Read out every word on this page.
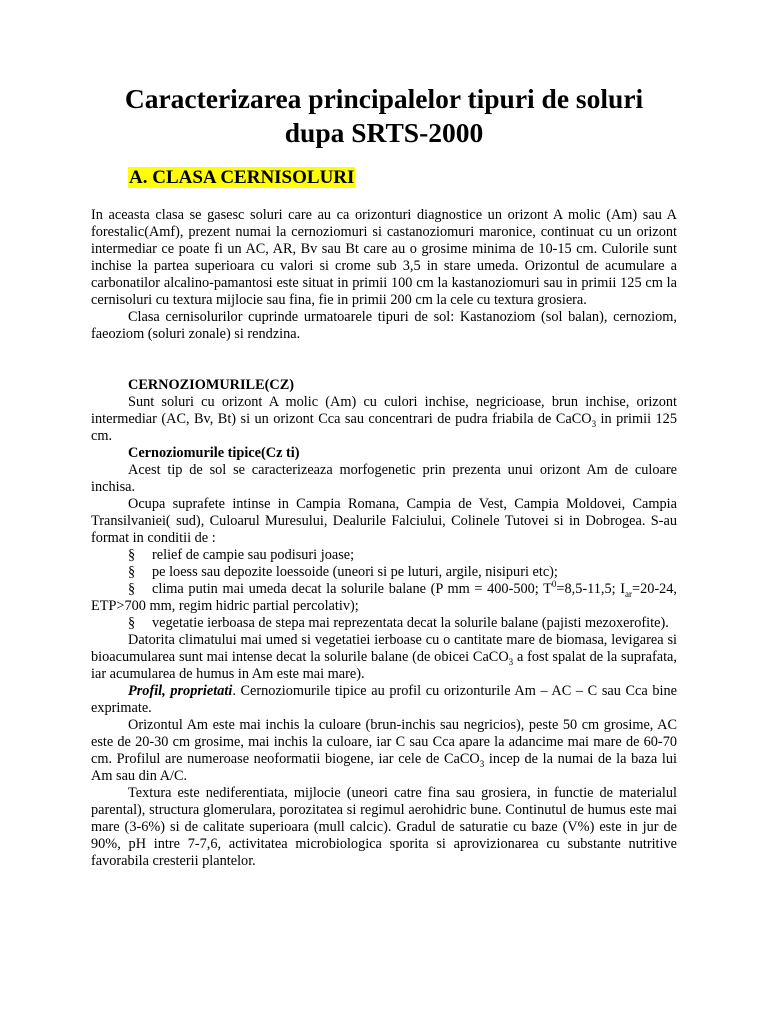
Caracterizarea principalelor tipuri de soluri dupa SRTS-2000
A. CLASA CERNISOLURI

In aceasta clasa se gasesc soluri care au ca orizonturi diagnostice un orizont A molic (Am) sau A forestalic(Amf), prezent numai la cernoziomuri si castanoziomuri maronice, continuat cu un orizont intermediar ce poate fi un AC, AR, Bv sau Bt care au o grosime minima de 10-15 cm. Culorile sunt inchise la partea superioara cu valori si crome sub 3,5 in stare umeda. Orizontul de acumulare a carbonatilor alcalino-pamantosi este situat in primii 100 cm la kastanoziomuri sau in primii 125 cm la cernisoluri cu textura mijlocie sau fina, fie in primii 200 cm la cele cu textura grosiera.

Clasa cernisolurilor cuprinde urmatoarele tipuri de sol: Kastanoziom (sol balan), cernoziom, faeoziom (soluri zonale) si rendzina.

CERNOZIOMURILE(CZ)

Sunt soluri cu orizont A molic (Am) cu culori inchise, negricioase, brun inchise, orizont intermediar (AC, Bv, Bt) si un orizont Cca sau concentrari de pudra friabila de CaCO$_3$ in primii 125 cm.

Cernoziomurile tipice(Cz ti)

Acest tip de sol se caracterizeaza morfogenetic prin prezenta unui orizont Am de culoare inchisa.

Ocupa suprafete intinse in Campia Romana, Campia de Vest, Campia Moldovei, Campia Transilvaniei( sud), Culoarul Muresului, Dealurile Falciului, Colinele Tutovei si in Dobrogea. S-au format in conditii de :

§	relief de campie sau podisuri joase;
§	pe loess sau depozite loessoide (uneori si pe luturi, argile, nisipuri etc);

§ clima putin mai umeda decat la solurile balane (P mm = 400-500; $T^0=8,5-11,5$; $I_{ar}=20-24$, ETP>700 mm, regim hidric partial percolativ);

§ vegetatie ierboasa de stepa mai reprezentata decat la solurile balane (pajisti mezoxerofite).

Datorita climatului mai umed si vegetatiei ierboase cu o cantitate mare de biomasa, levigarea si bioacumularea sunt mai intense decat la solurile balane (de obicei CaCO$_3$ a fost spalat de la suprafata, iar acumularea de humus in Am este mai mare).

Profil, proprietati. Cernoziomurile tipice au profil cu orizonturile Am – AC – C sau Cca bine exprimate.

Orizontul Am este mai inchis la culoare (brun-inchis sau negricios), peste 50 cm grosime, AC este de 20-30 cm grosime, mai inchis la culoare, iar C sau Cca apare la adancime mai mare de 60-70 cm. Profilul are numeroase neoformatii biogene, iar cele de CaCO$_3$ incep de la numai de la baza lui Am sau din A/C.

Textura este nediferentiata, mijlocie (uneori catre fina sau grosiera, in functie de materialul parental), structura glomerulara, porozitatea si regimul aerohidric bune. Continutul de humus este mai mare (3-6%) si de calitate superioara (mull calcic). Gradul de saturatie cu baze (V%) este in jur de 90%, pH intre 7-7,6, activitatea microbiologica sporita si aprovizionarea cu substante nutritive favorabila cresterii plantelor.
